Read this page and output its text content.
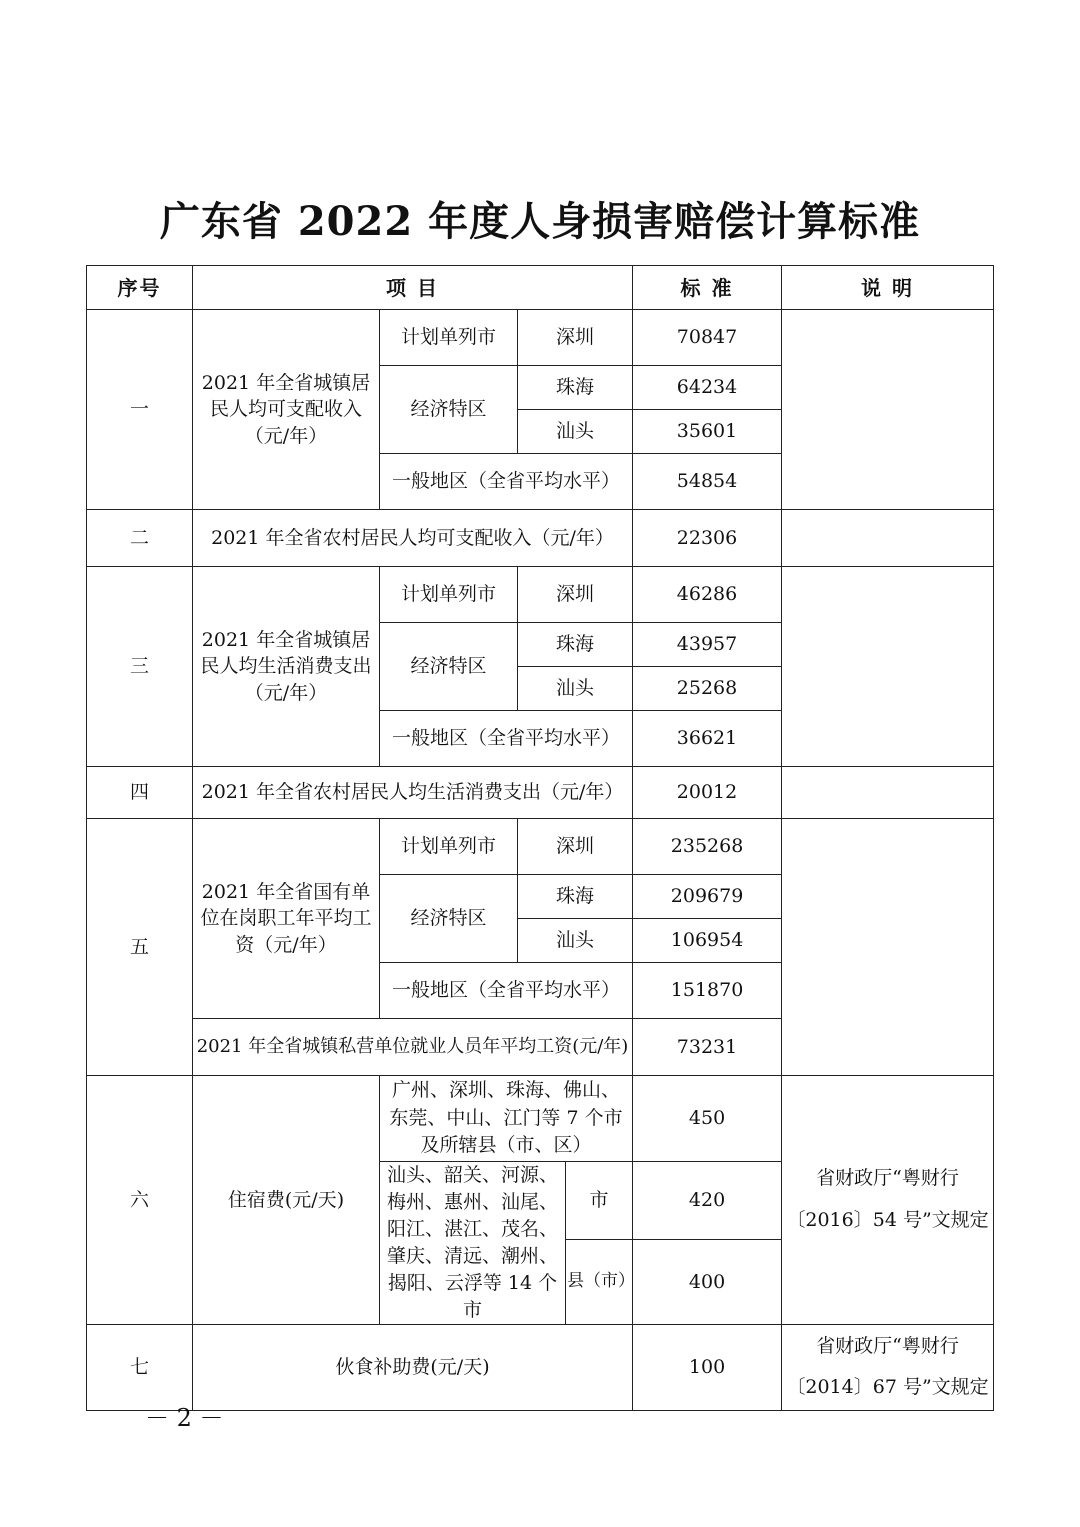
广东省 2022 年度人身损害赔偿计算标准
序号	项 目				标 准	说 明
一	2021 年全省城镇居民人均可支配收入（元/年）	计划单列市	深圳		70847	
		经济特区	珠海		64234	
			汕头		35601	
		一般地区（全省平均水平）			54854	
二	2021 年全省农村居民人均可支配收入（元/年）				22306	
三	2021 年全省城镇居民人均生活消费支出（元/年）	计划单列市	深圳		46286	
		经济特区	珠海		43957	
			汕头		25268	
		一般地区（全省平均水平）			36621	
四	2021 年全省农村居民人均生活消费支出（元/年）				20012	
五	2021 年全省国有单位在岗职工年平均工资（元/年）	计划单列市	深圳		235268	
		经济特区	珠海		209679	
			汕头		106954	
		一般地区（全省平均水平）			151870	
	2021 年全省城镇私营单位就业人员年平均工资(元/年)				73231	
六	住宿费(元/天)	广州、深圳、珠海、佛山、东莞、中山、江门等 7 个市及所辖县（市、区）			450	省财政厅“粤财行〔2016〕54 号”文规定
		汕头、韶关、河源、梅州、惠州、汕尾、阳江、湛江、茂名、肇庆、清远、潮州、揭阳、云浮等 14 个市		市	420	
				县（市）	400	
七	伙食补助费(元/天)				100	省财政厅“粤财行〔2014〕67 号”文规定
－ 2 －
